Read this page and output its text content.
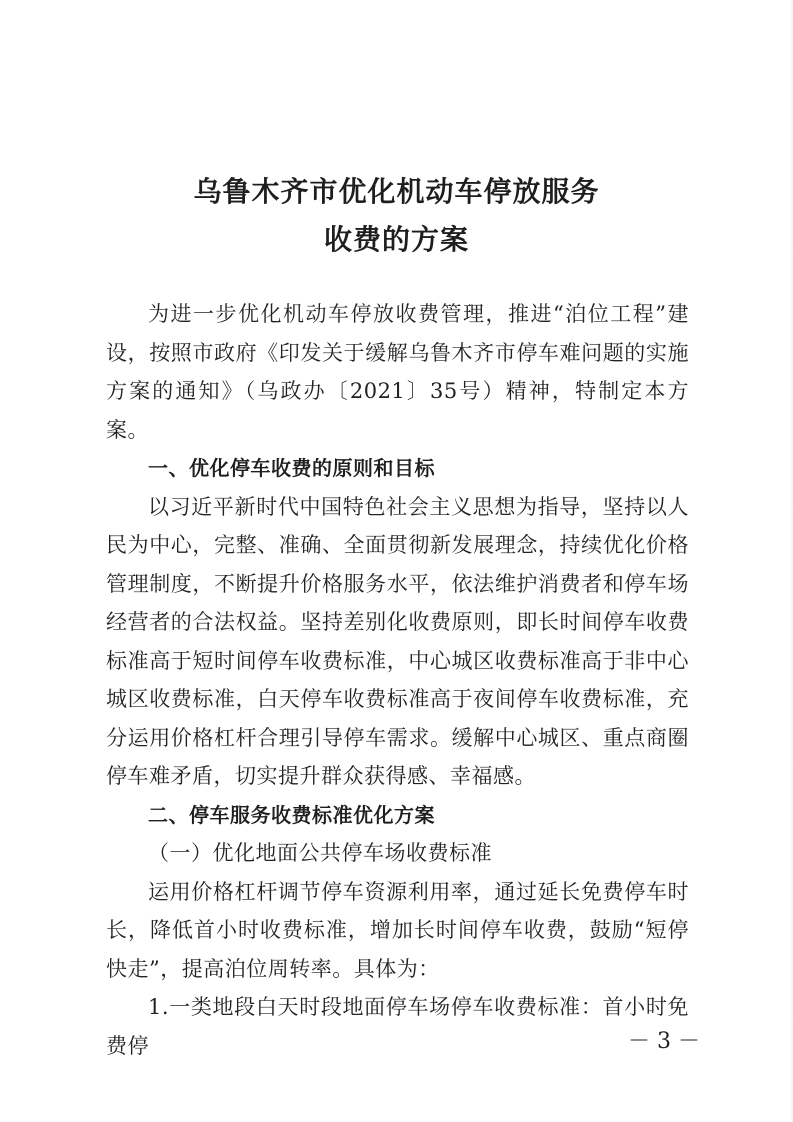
乌鲁木齐市优化机动车停放服务
收费的方案

为进一步优化机动车停放收费管理，推进“泊位工程”建设，按照市政府《印发关于缓解乌鲁木齐市停车难问题的实施方案的通知》（乌政办〔2021〕35号）精神，特制定本方案。

一、优化停车收费的原则和目标

以习近平新时代中国特色社会主义思想为指导，坚持以人民为中心，完整、准确、全面贯彻新发展理念，持续优化价格管理制度，不断提升价格服务水平，依法维护消费者和停车场经营者的合法权益。坚持差别化收费原则，即长时间停车收费标准高于短时间停车收费标准，中心城区收费标准高于非中心城区收费标准，白天停车收费标准高于夜间停车收费标准，充分运用价格杠杆合理引导停车需求。缓解中心城区、重点商圈停车难矛盾，切实提升群众获得感、幸福感。

二、停车服务收费标准优化方案

（一）优化地面公共停车场收费标准

运用价格杠杆调节停车资源利用率，通过延长免费停车时长，降低首小时收费标准，增加长时间停车收费，鼓励“短停快走”，提高泊位周转率。具体为：

1.一类地段白天时段地面停车场停车收费标准：首小时免费停	－ 3 －
